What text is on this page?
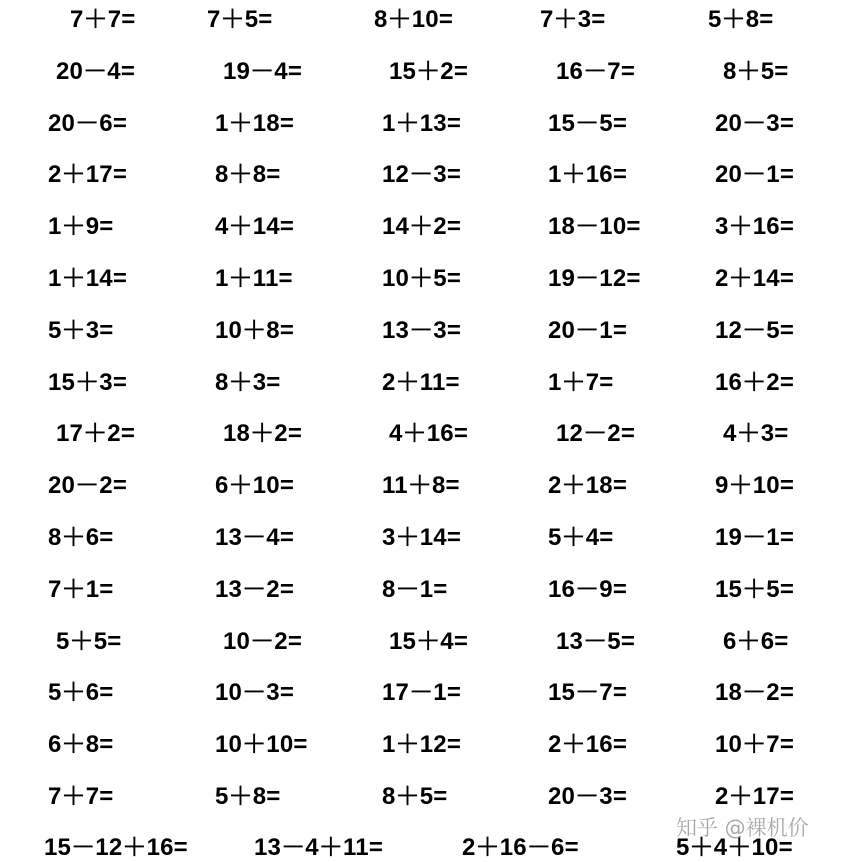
7＋7=	7＋5=	8＋10=	7＋3=	5＋8=
20－4=	19－4=	15＋2=	16－7=	8＋5=
20－6=	1＋18=	1＋13=	15－5=	20－3=
2＋17=	8＋8=	12－3=	1＋16=	20－1=
1＋9=	4＋14=	14＋2=	18－10=	3＋16=
1＋14=	1＋11=	10＋5=	19－12=	2＋14=
5＋3=	10＋8=	13－3=	20－1=	12－5=
15＋3=	8＋3=	2＋11=	1＋7=	16＋2=
17＋2=	18＋2=	4＋16=	12－2=	4＋3=
20－2=	6＋10=	11＋8=	2＋18=	9＋10=
8＋6=	13－4=	3＋14=	5＋4=	19－1=
7＋1=	13－2=	8－1=	16－9=	15＋5=
5＋5=	10－2=	15＋4=	13－5=	6＋6=
5＋6=	10－3=	17－1=	15－7=	18－2=
6＋8=	10＋10=	1＋12=	2＋16=	10＋7=
7＋7=	5＋8=	8＋5=	20－3=	2＋17=
15－12＋16=	13－4＋11=	2＋16－6=	5＋4＋10=
知乎 @裸机价
